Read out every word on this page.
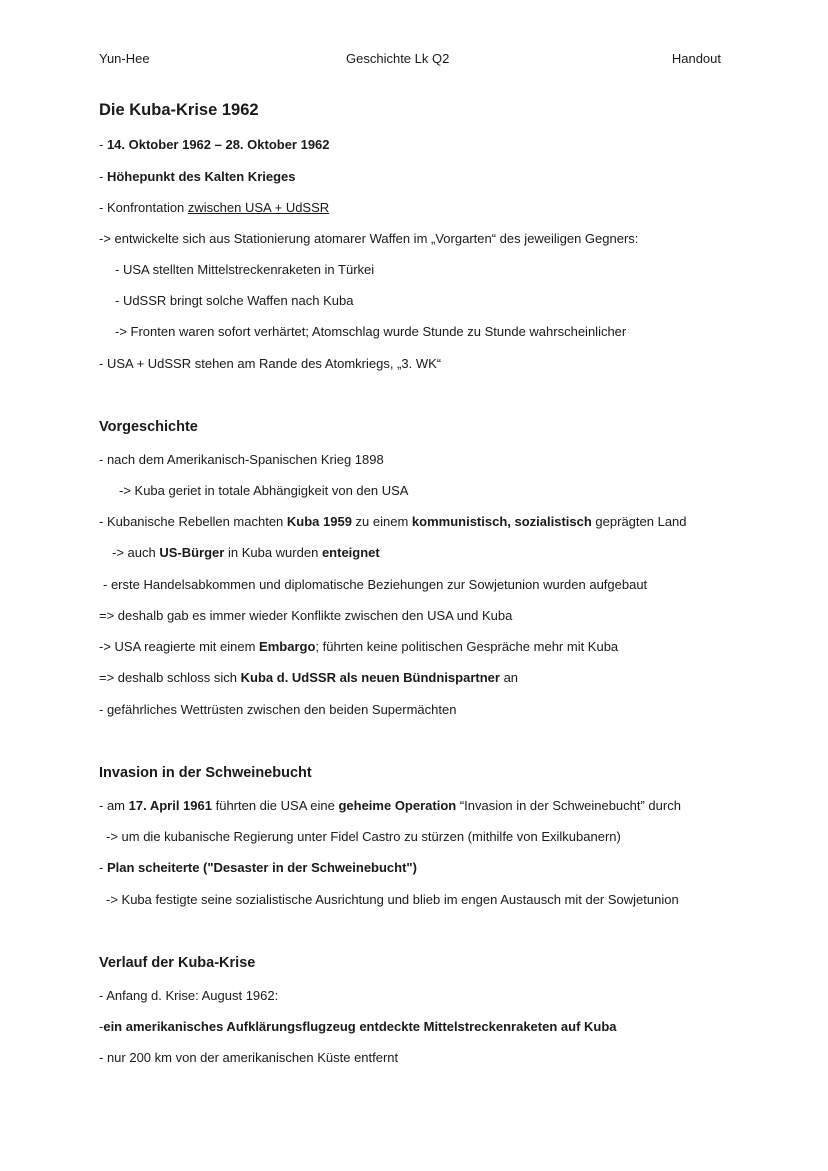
Yun-Hee	Geschichte Lk Q2	Handout
Die Kuba-Krise 1962
- 14. Oktober 1962 – 28. Oktober 1962
- Höhepunkt des Kalten Krieges
- Konfrontation zwischen USA + UdSSR
-> entwickelte sich aus Stationierung atomarer Waffen im „Vorgarten“ des jeweiligen Gegners:
- USA stellten Mittelstreckenraketen in Türkei
- UdSSR bringt solche Waffen nach Kuba
-> Fronten waren sofort verhärtet; Atomschlag wurde Stunde zu Stunde wahrscheinlicher
- USA + UdSSR stehen am Rande des Atomkriegs, „3. WK“
Vorgeschichte
- nach dem Amerikanisch-Spanischen Krieg 1898
-> Kuba geriet in totale Abhängigkeit von den USA
- Kubanische Rebellen machten Kuba 1959 zu einem kommunistisch, sozialistisch geprägten Land
-> auch US-Bürger in Kuba wurden enteignet
- erste Handelsabkommen und diplomatische Beziehungen zur Sowjetunion wurden aufgebaut
=> deshalb gab es immer wieder Konflikte zwischen den USA und Kuba
-> USA reagierte mit einem Embargo; führten keine politischen Gespräche mehr mit Kuba
=> deshalb schloss sich Kuba d. UdSSR als neuen Bündnispartner an
- gefährliches Wettrüsten zwischen den beiden Supermächten
Invasion in der Schweinebucht
- am 17. April 1961 führten die USA eine geheime Operation “Invasion in der Schweinebucht” durch
-> um die kubanische Regierung unter Fidel Castro zu stürzen (mithilfe von Exilkubanern)
- Plan scheiterte ("Desaster in der Schweinebucht")
-> Kuba festigte seine sozialistische Ausrichtung und blieb im engen Austausch mit der Sowjetunion
Verlauf der Kuba-Krise
- Anfang d. Krise: August 1962:
-ein amerikanisches Aufklärungsflugzeug entdeckte Mittelstreckenraketen auf Kuba
- nur 200 km von der amerikanischen Küste entfernt
